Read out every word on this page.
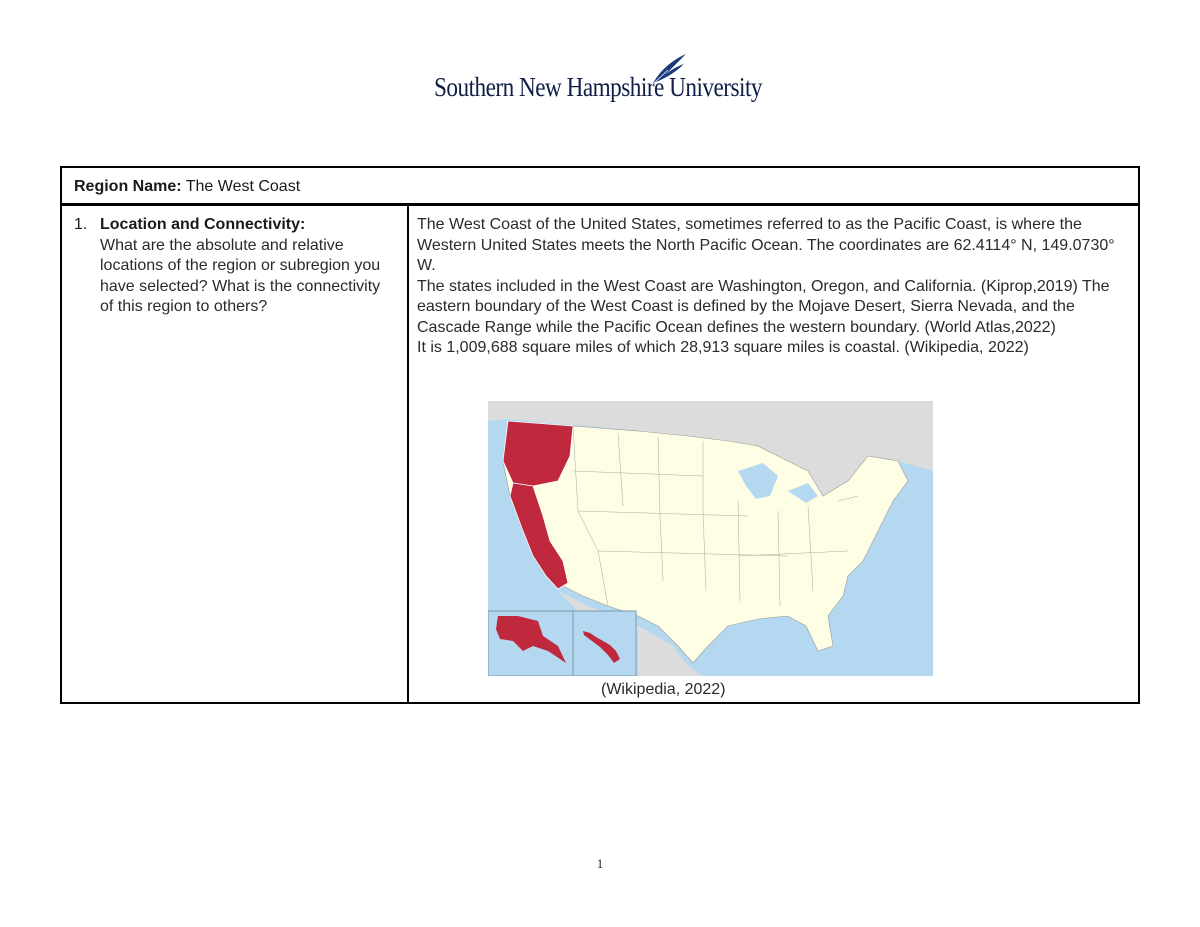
Southern New Hampshire University
Region Name: The West Coast
1. Location and Connectivity:
What are the absolute and relative locations of the region or subregion you have selected? What is the connectivity of this region to others?

The West Coast of the United States, sometimes referred to as the Pacific Coast, is where the Western United States meets the North Pacific Ocean. The coordinates are 62.4114° N, 149.0730° W.

The states included in the West Coast are Washington, Oregon, and California. (Kiprop,2019) The eastern boundary of the West Coast is defined by the Mojave Desert, Sierra Nevada, and the Cascade Range while the Pacific Ocean defines the western boundary. (World Atlas,2022)

It is 1,009,688 square miles of which 28,913 square miles is coastal. (Wikipedia, 2022)

(Wikipedia, 2022)
1
